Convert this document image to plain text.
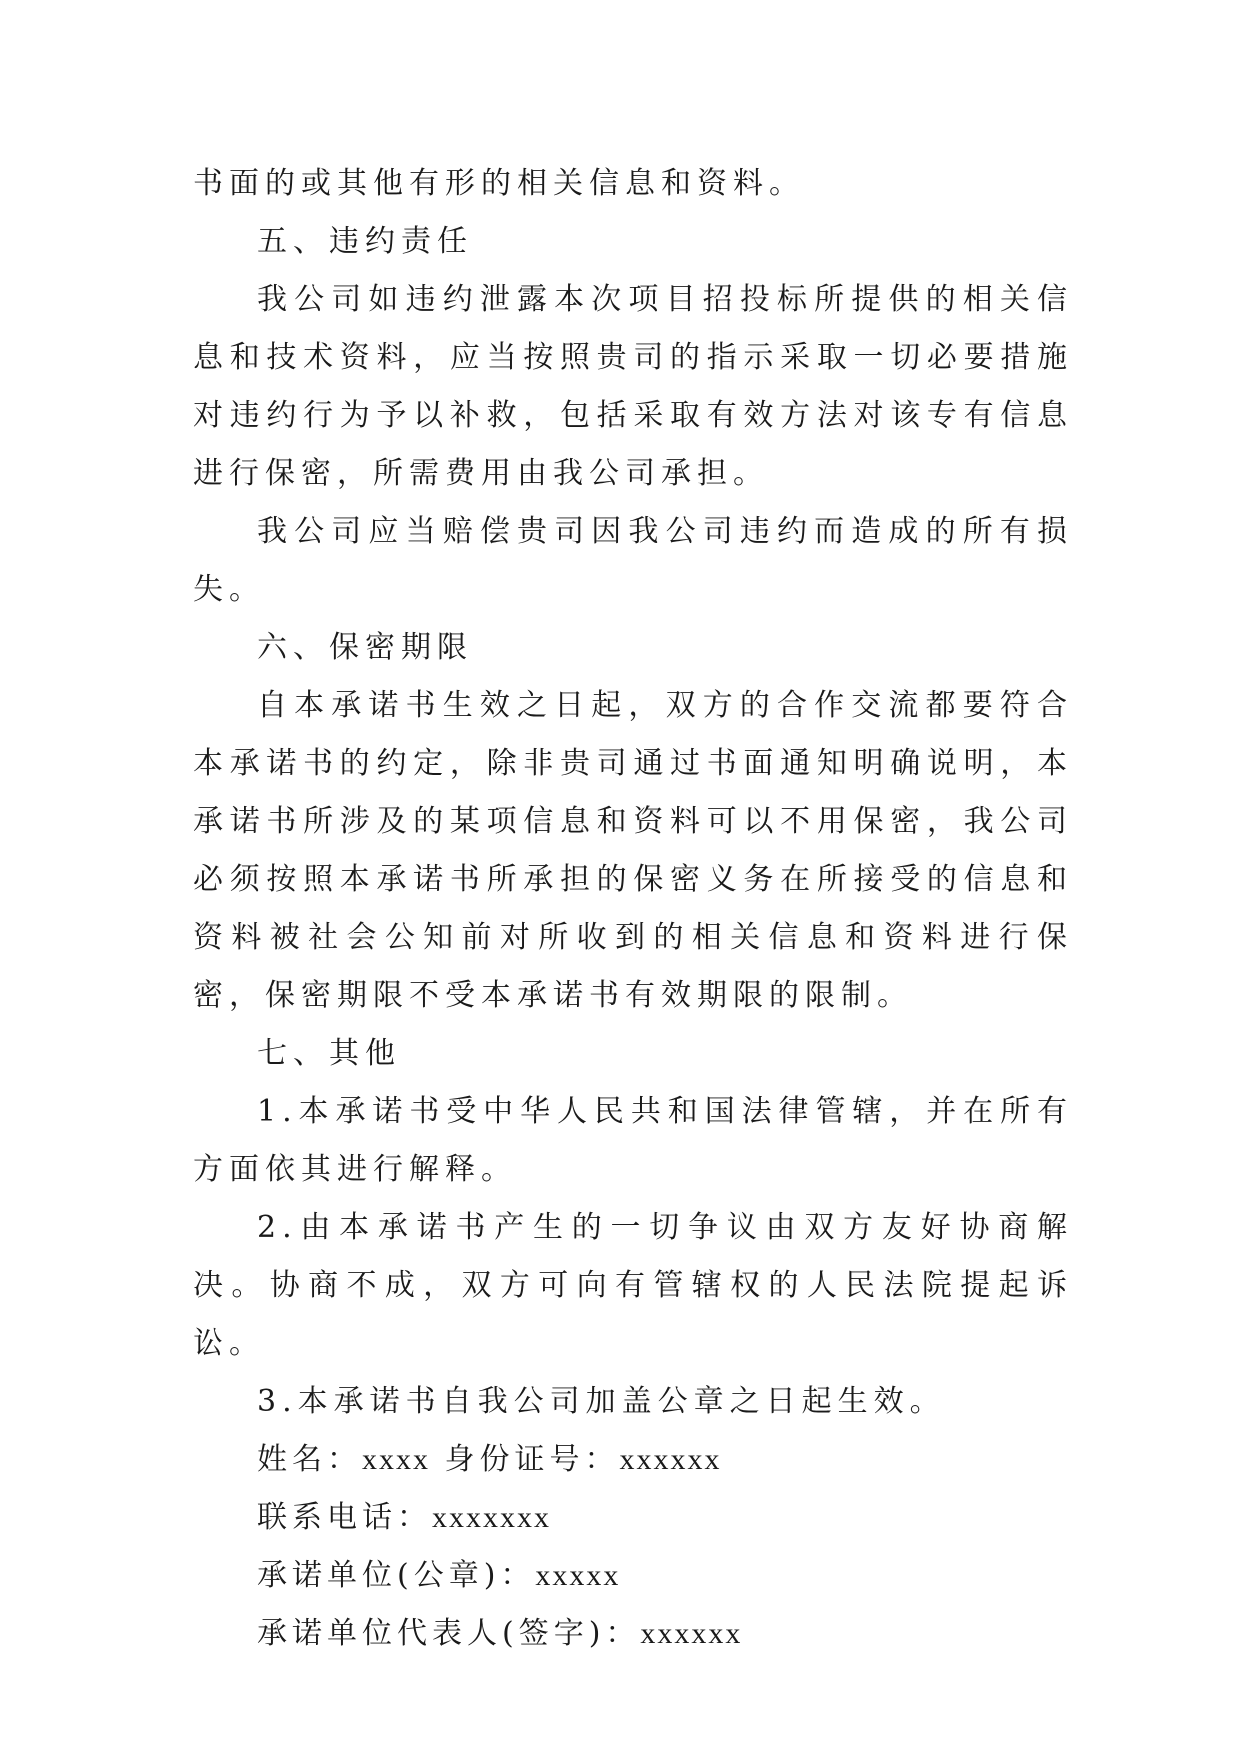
书面的或其他有形的相关信息和资料。

五、违约责任

我公司如违约泄露本次项目招投标所提供的相关信息和技术资料，应当按照贵司的指示采取一切必要措施对违约行为予以补救，包括采取有效方法对该专有信息进行保密，所需费用由我公司承担。

我公司应当赔偿贵司因我公司违约而造成的所有损失。

六、保密期限

自本承诺书生效之日起，双方的合作交流都要符合本承诺书的约定，除非贵司通过书面通知明确说明，本承诺书所涉及的某项信息和资料可以不用保密，我公司必须按照本承诺书所承担的保密义务在所接受的信息和资料被社会公知前对所收到的相关信息和资料进行保密，保密期限不受本承诺书有效期限的限制。

七、其他

1.本承诺书受中华人民共和国法律管辖，并在所有方面依其进行解释。

2.由本承诺书产生的一切争议由双方友好协商解决。协商不成，双方可向有管辖权的人民法院提起诉讼。

3.本承诺书自我公司加盖公章之日起生效。

姓名：xxxx 身份证号：xxxxxx

联系电话：xxxxxxx

承诺单位(公章)：xxxxx

承诺单位代表人(签字)：xxxxxx
